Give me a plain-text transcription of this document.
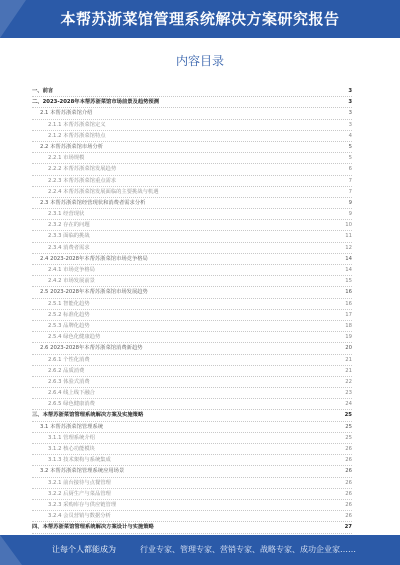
本帮苏浙菜馆管理系统解决方案研究报告
内容目录
一、前言	3
二、2023-2028年本帮苏浙菜馆市场前景及趋势预测	3
2.1 本帮苏浙菜馆介绍	3
2.1.1 本帮苏浙菜馆定义	3
2.1.2 本帮苏浙菜馆特点	4
2.2 本帮苏浙菜馆市场分析	5
2.2.1 市场规模	5
2.2.2 本帮苏浙菜馆发展趋势	6
2.2.3 本帮苏浙菜馆重点需求	7
2.2.4 本帮苏浙菜馆发展面临的主要挑战与机遇	7
2.3 本帮苏浙菜馆经营现状和消费者需求分析	9
2.3.1 经营现状	9
2.3.2 存在的问题	10
2.3.3 面临的挑战	11
2.3.4 消费者需求	12
2.4 2023-2028年本帮苏浙菜馆市场竞争格局	14
2.4.1 市场竞争格局	14
2.4.2 市场发展前景	15
2.5 2023-2028年本帮苏浙菜馆市场发展趋势	16
2.5.1 智能化趋势	16
2.5.2 标准化趋势	17
2.5.3 品牌化趋势	18
2.5.4 绿色化健康趋势	19
2.6 2023-2028年本帮苏浙菜馆消费新趋势	20
2.6.1 个性化消费	21
2.6.2 品质消费	21
2.6.3 体验式消费	22
2.6.4 线上线下融合	23
2.6.5 绿色健康消费	24
三、本帮苏浙菜馆管理系统解决方案及实施策略	25
3.1 本帮苏浙菜馆管理系统	25
3.1.1 管理系统介绍	25
3.1.2 核心功能模块	26
3.1.3 技术架构与系统集成	26
3.2 本帮苏浙菜馆管理系统应用场景	26
3.2.1 前台接待与点餐管理	26
3.2.2 后厨生产与菜品管理	26
3.2.3 采购库存与供应链管理	26
3.2.4 会员营销与数据分析	26
四、本帮苏浙菜馆管理系统解决方案设计与实施策略	27
让每个人都能成为	行业专家、管理专家、营销专家、战略专家、成功企业家……
